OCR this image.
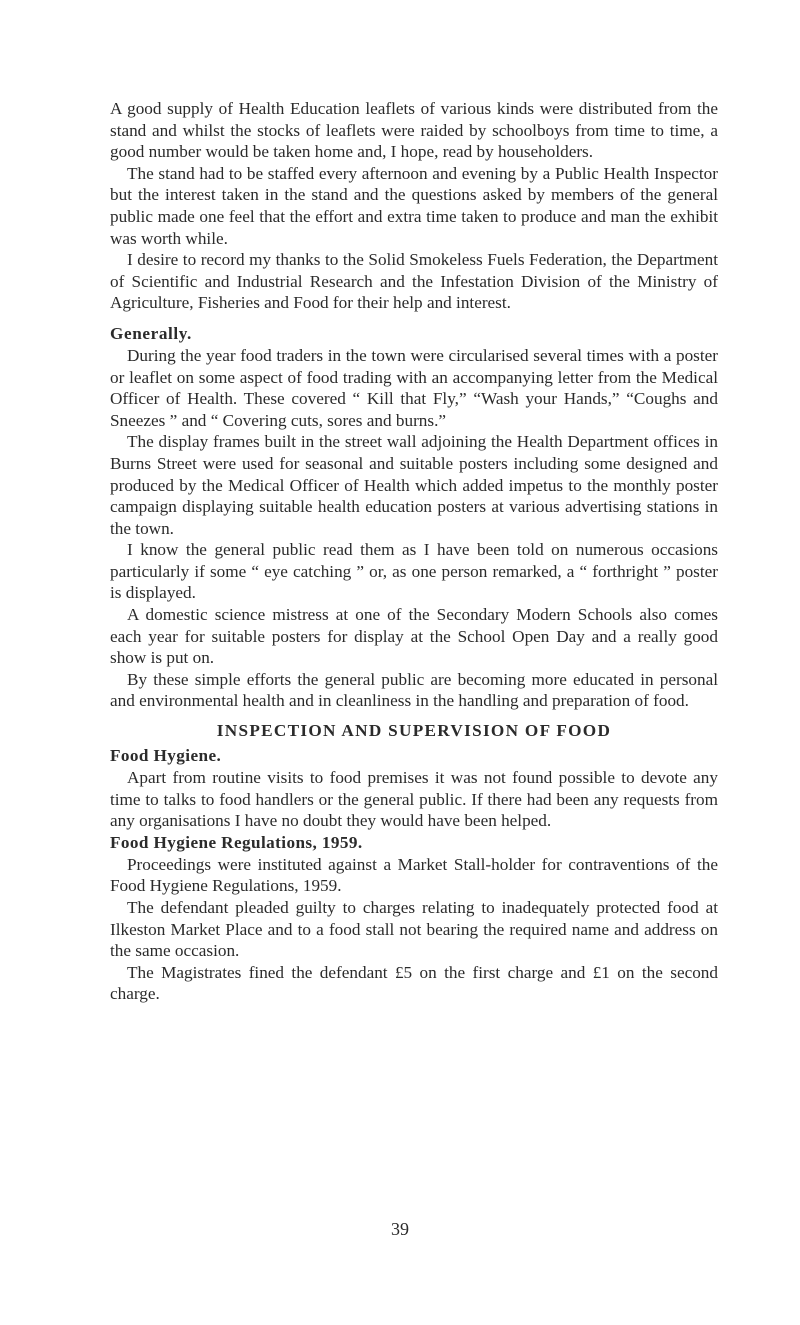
A good supply of Health Education leaflets of various kinds were distributed from the stand and whilst the stocks of leaflets were raided by schoolboys from time to time, a good number would be taken home and, I hope, read by householders.

The stand had to be staffed every afternoon and evening by a Public Health Inspector but the interest taken in the stand and the questions asked by members of the general public made one feel that the effort and extra time taken to produce and man the exhibit was worth while.

I desire to record my thanks to the Solid Smokeless Fuels Federation, the Department of Scientific and Industrial Research and the Infestation Division of the Ministry of Agriculture, Fisheries and Food for their help and interest.

Generally.

During the year food traders in the town were circularised several times with a poster or leaflet on some aspect of food trading with an accompanying letter from the Medical Officer of Health. These covered “ Kill that Fly,” “Wash your Hands,” “Coughs and Sneezes ” and “ Covering cuts, sores and burns.”

The display frames built in the street wall adjoining the Health Department offices in Burns Street were used for seasonal and suitable posters including some designed and produced by the Medical Officer of Health which added impetus to the monthly poster campaign displaying suitable health education posters at various advertising stations in the town.

I know the general public read them as I have been told on numerous occasions particularly if some “ eye catching ” or, as one person remarked, a “ forthright ” poster is displayed.

A domestic science mistress at one of the Secondary Modern Schools also comes each year for suitable posters for display at the School Open Day and a really good show is put on.

By these simple efforts the general public are becoming more educated in personal and environmental health and in cleanliness in the handling and preparation of food.

INSPECTION AND SUPERVISION OF FOOD
Food Hygiene.

Apart from routine visits to food premises it was not found possible to devote any time to talks to food handlers or the general public. If there had been any requests from any organisations I have no doubt they would have been helped.

Food Hygiene Regulations, 1959.

Proceedings were instituted against a Market Stall-holder for contraventions of the Food Hygiene Regulations, 1959.

The defendant pleaded guilty to charges relating to inadequately protected food at Ilkeston Market Place and to a food stall not bearing the required name and address on the same occasion.

The Magistrates fined the defendant £5 on the first charge and £1 on the second charge.

39
